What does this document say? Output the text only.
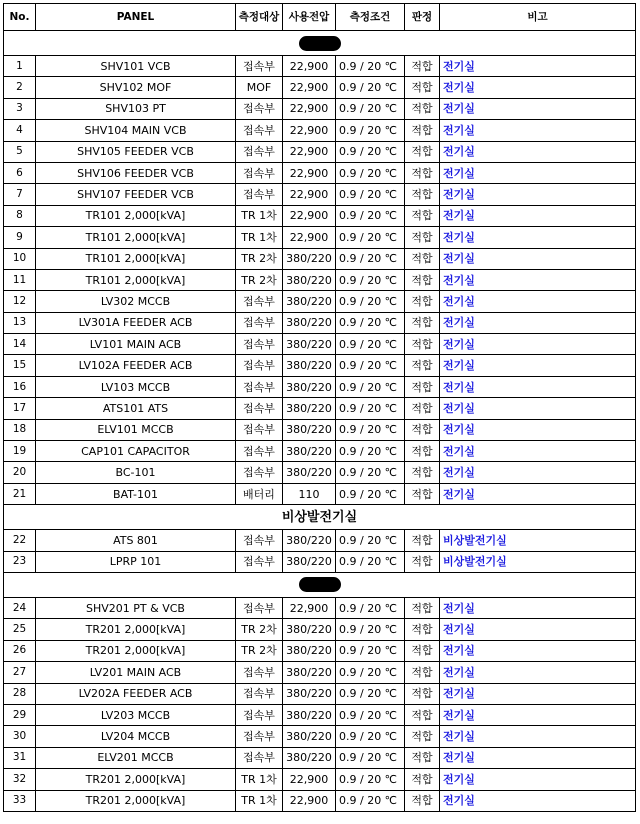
No.	PANEL	측정대상	사용전압	측정조건	판정	비고

1	SHV101 VCB	접속부	22,900	0.9 / 20 ℃	적합	전기실
2	SHV102 MOF	MOF	22,900	0.9 / 20 ℃	적합	전기실
3	SHV103 PT	접속부	22,900	0.9 / 20 ℃	적합	전기실
4	SHV104 MAIN VCB	접속부	22,900	0.9 / 20 ℃	적합	전기실
5	SHV105 FEEDER VCB	접속부	22,900	0.9 / 20 ℃	적합	전기실
6	SHV106 FEEDER VCB	접속부	22,900	0.9 / 20 ℃	적합	전기실
7	SHV107 FEEDER VCB	접속부	22,900	0.9 / 20 ℃	적합	전기실
8	TR101 2,000[kVA]	TR 1차	22,900	0.9 / 20 ℃	적합	전기실
9	TR101 2,000[kVA]	TR 1차	22,900	0.9 / 20 ℃	적합	전기실
10	TR101 2,000[kVA]	TR 2차	380/220	0.9 / 20 ℃	적합	전기실
11	TR101 2,000[kVA]	TR 2차	380/220	0.9 / 20 ℃	적합	전기실
12	LV302 MCCB	접속부	380/220	0.9 / 20 ℃	적합	전기실
13	LV301A FEEDER ACB	접속부	380/220	0.9 / 20 ℃	적합	전기실
14	LV101 MAIN ACB	접속부	380/220	0.9 / 20 ℃	적합	전기실
15	LV102A FEEDER ACB	접속부	380/220	0.9 / 20 ℃	적합	전기실
16	LV103 MCCB	접속부	380/220	0.9 / 20 ℃	적합	전기실
17	ATS101 ATS	접속부	380/220	0.9 / 20 ℃	적합	전기실
18	ELV101 MCCB	접속부	380/220	0.9 / 20 ℃	적합	전기실
19	CAP101 CAPACITOR	접속부	380/220	0.9 / 20 ℃	적합	전기실
20	BC-101	접속부	380/220	0.9 / 20 ℃	적합	전기실
21	BAT-101	배터리	110	0.9 / 20 ℃	적합	전기실
비상발전기실						
22	ATS 801	접속부	380/220	0.9 / 20 ℃	적합	비상발전기실
23	LPRP 101	접속부	380/220	0.9 / 20 ℃	적합	비상발전기실

24	SHV201 PT & VCB	접속부	22,900	0.9 / 20 ℃	적합	전기실
25	TR201 2,000[kVA]	TR 2차	380/220	0.9 / 20 ℃	적합	전기실
26	TR201 2,000[kVA]	TR 2차	380/220	0.9 / 20 ℃	적합	전기실
27	LV201 MAIN ACB	접속부	380/220	0.9 / 20 ℃	적합	전기실
28	LV202A FEEDER ACB	접속부	380/220	0.9 / 20 ℃	적합	전기실
29	LV203 MCCB	접속부	380/220	0.9 / 20 ℃	적합	전기실
30	LV204 MCCB	접속부	380/220	0.9 / 20 ℃	적합	전기실
31	ELV201 MCCB	접속부	380/220	0.9 / 20 ℃	적합	전기실
32	TR201 2,000[kVA]	TR 1차	22,900	0.9 / 20 ℃	적합	전기실
33	TR201 2,000[kVA]	TR 1차	22,900	0.9 / 20 ℃	적합	전기실
